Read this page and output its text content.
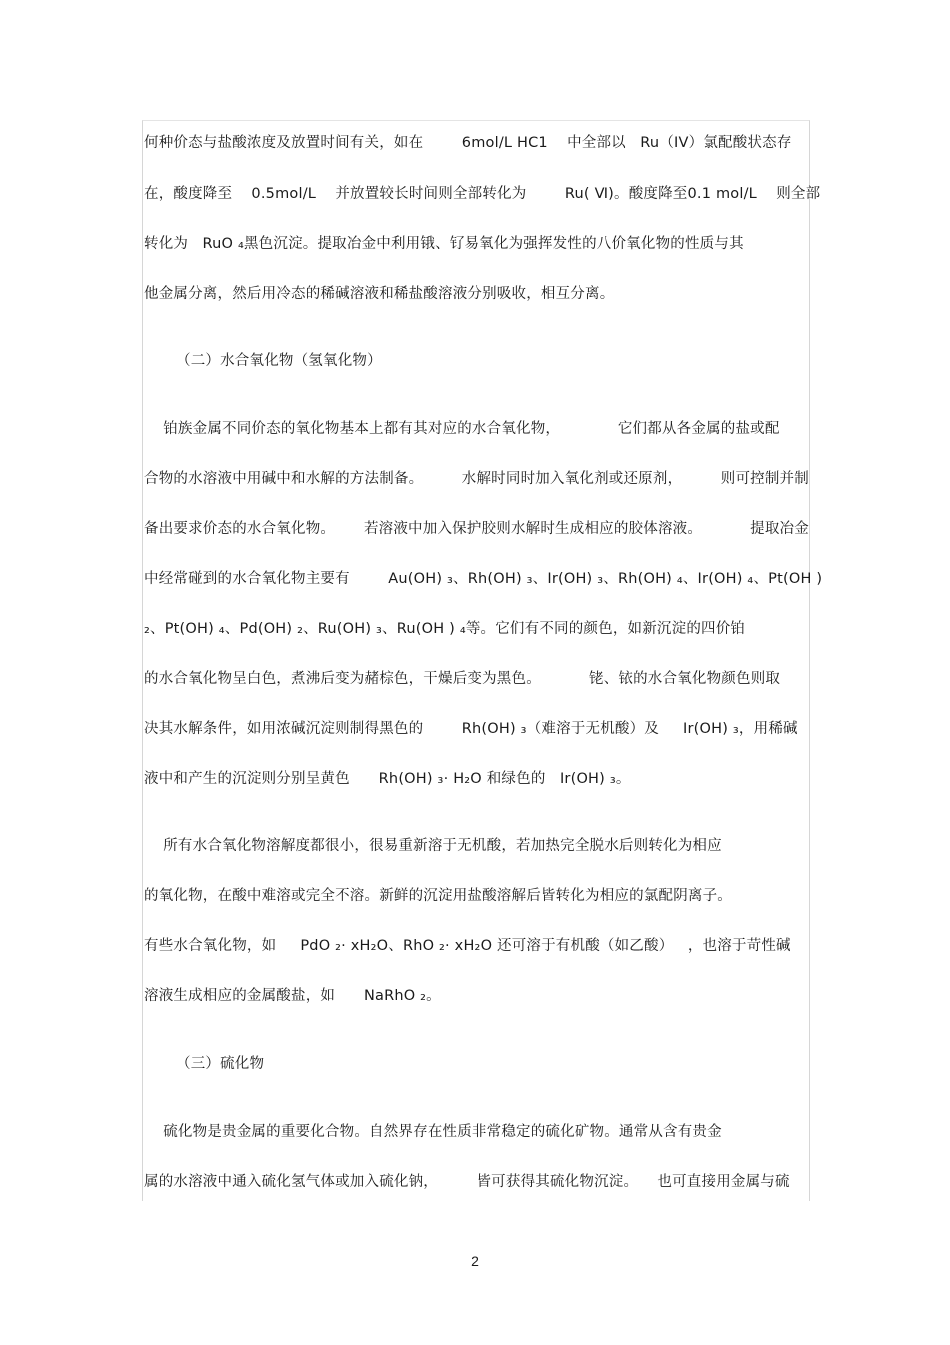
何种价态与盐酸浓度及放置时间有关，如在        6mol/L HC1    中全部以   Ru（IV）氯配酸状态存
在，酸度降至    0.5mol/L    并放置较长时间则全部转化为        Ru( Ⅵ)。酸度降至0.1 mol/L    则全部
转化为   RuO ₄黑色沉淀。提取冶金中利用锇、钌易氧化为强挥发性的八价氧化物的性质与其
他金属分离，然后用冷态的稀碱溶液和稀盐酸溶液分别吸收，相互分离。
（二）水合氧化物（氢氧化物）
铂族金属不同价态的氧化物基本上都有其对应的水合氧化物，            它们都从各金属的盐或配
合物的水溶液中用碱中和水解的方法制备。        水解时同时加入氧化剂或还原剂，        则可控制并制
备出要求价态的水合氧化物。      若溶液中加入保护胶则水解时生成相应的胶体溶液。          提取冶金
中经常碰到的水合氧化物主要有        Au(OH) ₃、Rh(OH) ₃、Ir(OH) ₃、Rh(OH) ₄、Ir(OH) ₄、Pt(OH )
₂、Pt(OH) ₄、Pd(OH) ₂、Ru(OH) ₃、Ru(OH ) ₄等。它们有不同的颜色，如新沉淀的四价铂
的水合氧化物呈白色，煮沸后变为赭棕色，干燥后变为黑色。          铑、铱的水合氧化物颜色则取
决其水解条件，如用浓碱沉淀则制得黑色的        Rh(OH) ₃（难溶于无机酸）及     Ir(OH) ₃，用稀碱
液中和产生的沉淀则分别呈黄色      Rh(OH) ₃· H₂O 和绿色的   Ir(OH) ₃。
所有水合氧化物溶解度都很小，很易重新溶于无机酸，若加热完全脱水后则转化为相应
的氧化物，在酸中难溶或完全不溶。新鲜的沉淀用盐酸溶解后皆转化为相应的氯配阴离子。
有些水合氧化物，如     PdO ₂· xH₂O、RhO ₂· xH₂O 还可溶于有机酸（如乙酸）   ，也溶于苛性碱
溶液生成相应的金属酸盐，如      NaRhO ₂。
（三）硫化物
硫化物是贵金属的重要化合物。自然界存在性质非常稳定的硫化矿物。通常从含有贵金
属的水溶液中通入硫化氢气体或加入硫化钠，        皆可获得其硫化物沉淀。    也可直接用金属与硫
2
